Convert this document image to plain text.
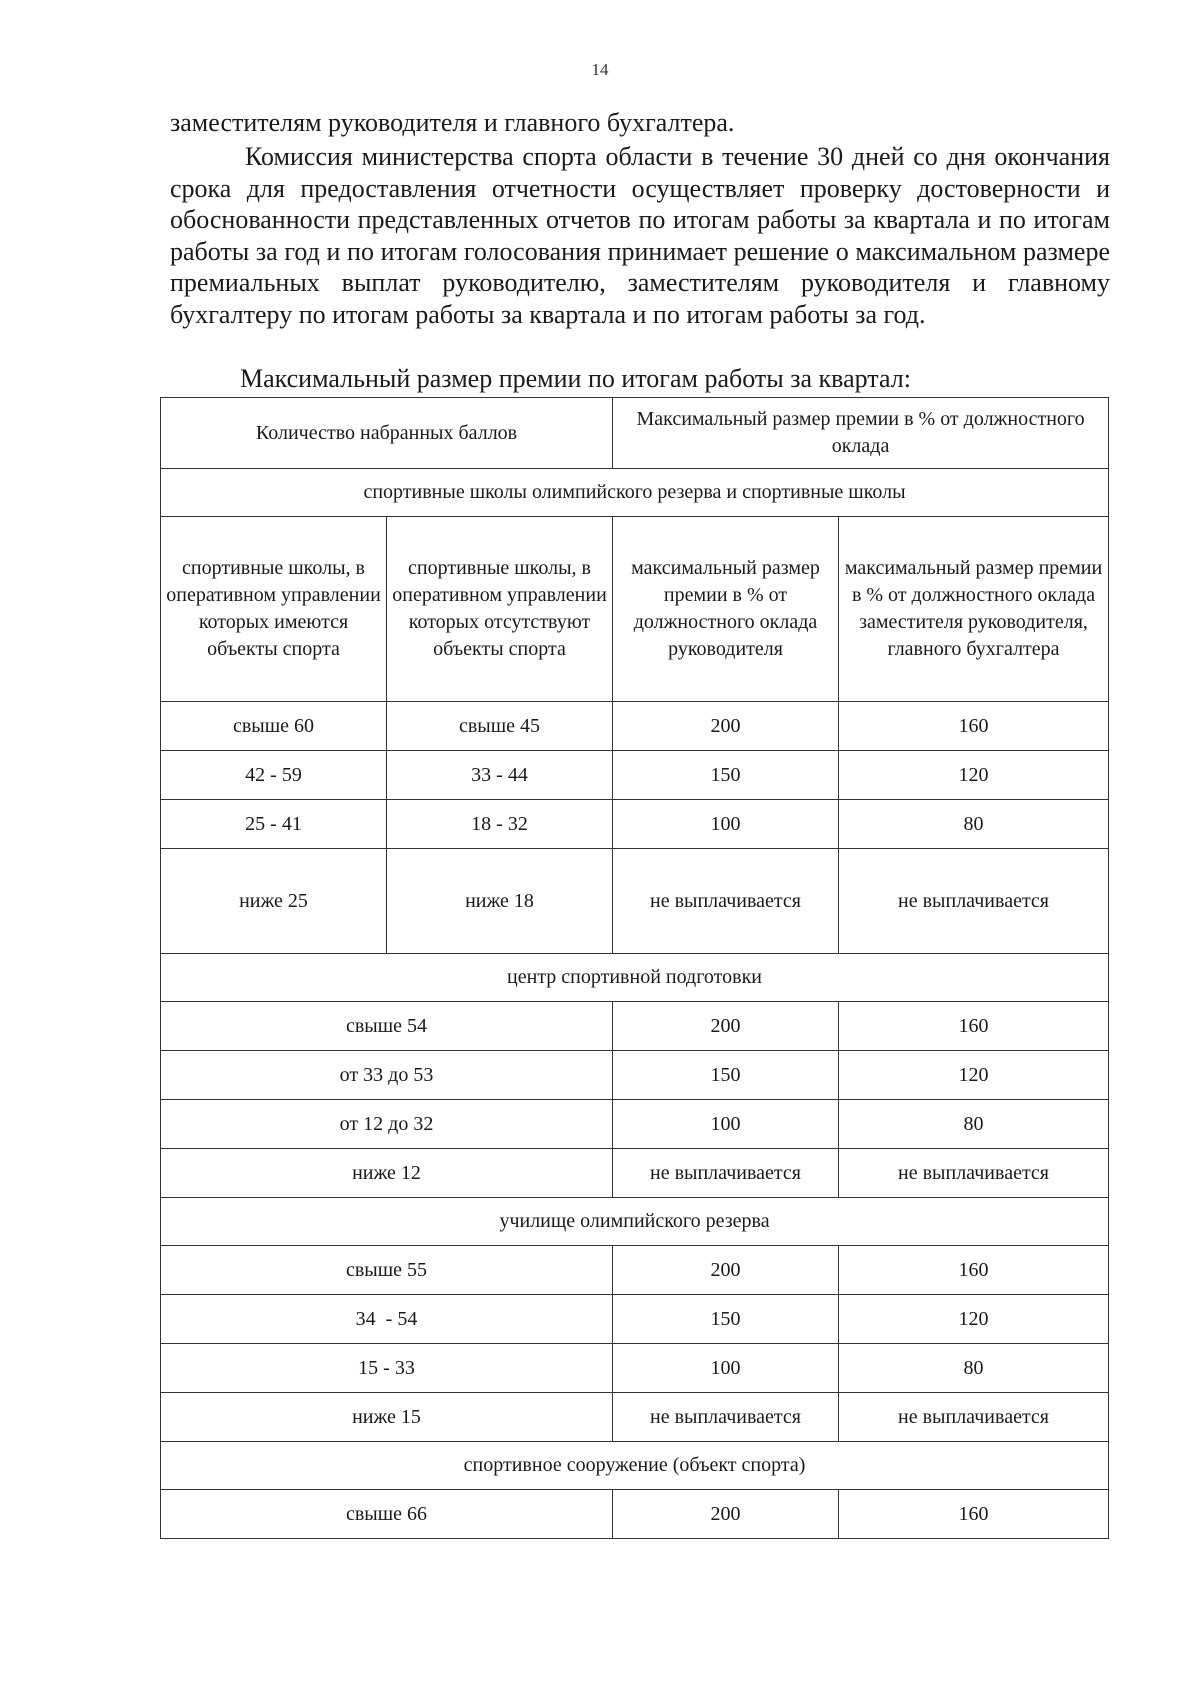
14
заместителям руководителя и главного бухгалтера.
Комиссия министерства спорта области в течение 30 дней со дня окончания срока для предоставления отчетности осуществляет проверку достоверности и обоснованности представленных отчетов по итогам работы за квартала и по итогам работы за год и по итогам голосования принимает решение о максимальном размере премиальных выплат руководителю, заместителям руководителя и главному бухгалтеру по итогам работы за квартала и по итогам работы за год.
Максимальный размер премии по итогам работы за квартал:
Количество набранных баллов		Максимальный размер премии в % от должностного оклада	
спортивные школы олимпийского резерва и спортивные школы			
спортивные школы, в оперативном управлении которых имеются объекты спорта	спортивные школы, в оперативном управлении которых отсутствуют объекты спорта	максимальный размер премии в % от должностного оклада руководителя	максимальный размер премии в % от должностного оклада заместителя руководителя, главного бухгалтера
свыше 60	свыше 45	200	160
42 - 59	33 - 44	150	120
25 - 41	18 - 32	100	80
ниже 25	ниже 18	не выплачивается	не выплачивается
центр спортивной подготовки			
свыше 54		200	160
от 33 до 53		150	120
от 12 до 32		100	80
ниже 12		не выплачивается	не выплачивается
училище олимпийского резерва			
свыше 55		200	160
34  - 54		150	120
15 - 33		100	80
ниже 15		не выплачивается	не выплачивается
спортивное сооружение (объект спорта)			
свыше 66		200	160
